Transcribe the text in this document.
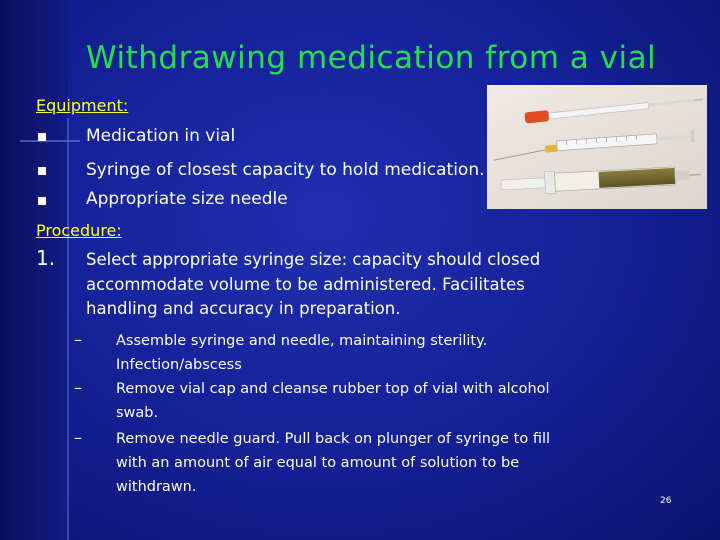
Withdrawing medication from a vial
Equipment:
Medication in vial
Syringe of closest capacity to hold medication.
Appropriate size needle
Procedure:
1. Select appropriate syringe size: capacity should closed accommodate volume to be administered. Facilitates handling and accuracy in preparation.
– Assemble syringe and needle, maintaining sterility. Infection/abscess
– Remove vial cap and cleanse rubber top of vial with alcohol swab.
– Remove needle guard. Pull back on plunger of syringe to fill with an amount of air equal to amount of solution to be withdrawn.
26
